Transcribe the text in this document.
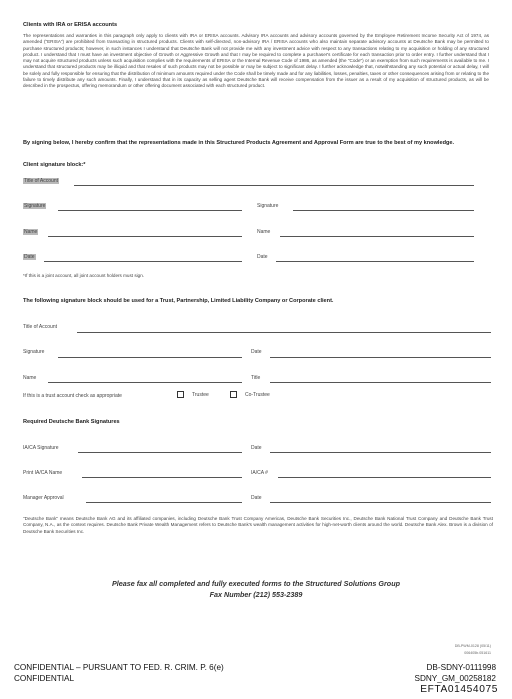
Clients with IRA or ERISA accounts
The representations and warranties in this paragraph only apply to clients with IRA or ERISA accounts. Advisory IRA accounts and advisory accounts governed by the Employee Retirement Income Security Act of 1974, as amended ("ERISA") are prohibited from transacting in structured products. Clients with self-directed, non-advisory IRA / ERISA accounts who also maintain separate advisory accounts at Deutsche Bank may be permitted to purchase structured products; however, in such instances I understand that Deutsche Bank will not provide me with any investment advice with respect to any transactions relating to my acquisition or holding of any structured product. I understand that I must have an investment objective of Growth or Aggressive Growth and that I may be required to complete a purchaser's certificate for each transaction prior to order entry. I further understand that I may not acquire structured products unless such acquisition complies with the requirements of ERISA or the Internal Revenue Code of 1986, as amended (the "Code") or an exemption from such requirements is available to me. I understand that structured products may be illiquid and that resales of such products may not be possible or may be subject to significant delay. I further acknowledge that, notwithstanding any such potential or actual delay, I will be solely and fully responsible for ensuring that the distribution of minimum amounts required under the Code shall be timely made and for any liabilities, losses, penalties, taxes or other consequences arising from or relating to the failure to timely distribute any such amounts. Finally, I understand that in its capacity as selling agent Deutsche Bank will receive compensation from the issuer as a result of my acquisition of structured products, as will be described in the prospectus, offering memorandum or other offering document associated with each structured product.
By signing below, I hereby confirm that the representations made in this Structured Products Agreement and Approval Form are true to the best of my knowledge.
Client signature block:*
Title of Account
Signature	Signature
Name	Name
Date	Date
*If this is a joint account, all joint account holders must sign.
The following signature block should be used for a Trust, Partnership, Limited Liability Company or Corporate client.
Title of Account
Signature	Date
Name	Title
If this is a trust account check as appropriate	Trustee	Co-Trustee
Required Deutsche Bank Signatures
IA/CA Signature	Date
Print IA/CA Name	IA/CA #
Manager Approval	Date
"Deutsche Bank" means Deutsche Bank AG and its affiliated companies, including Deutsche Bank Trust Company Americas, Deutsche Bank Securities Inc., Deutsche Bank National Trust Company and Deutsche Bank Trust Company, N.A., as the context requires. Deutsche Bank Private Wealth Management refers to Deutsche Bank's wealth management activities for high-net-worth clients around the world. Deutsche Bank Alex. Brown is a division of Deutsche Bank Securities Inc.
Please fax all completed and fully executed forms to the Structured Solutions Group
Fax Number (212) 553-2389
DB-PWM-0128 (05/11)
006405b.051611
CONFIDENTIAL – PURSUANT TO FED. R. CRIM. P. 6(e)
CONFIDENTIAL
DB-SDNY-0111998
SDNY_GM_00258182
EFTA01454075
